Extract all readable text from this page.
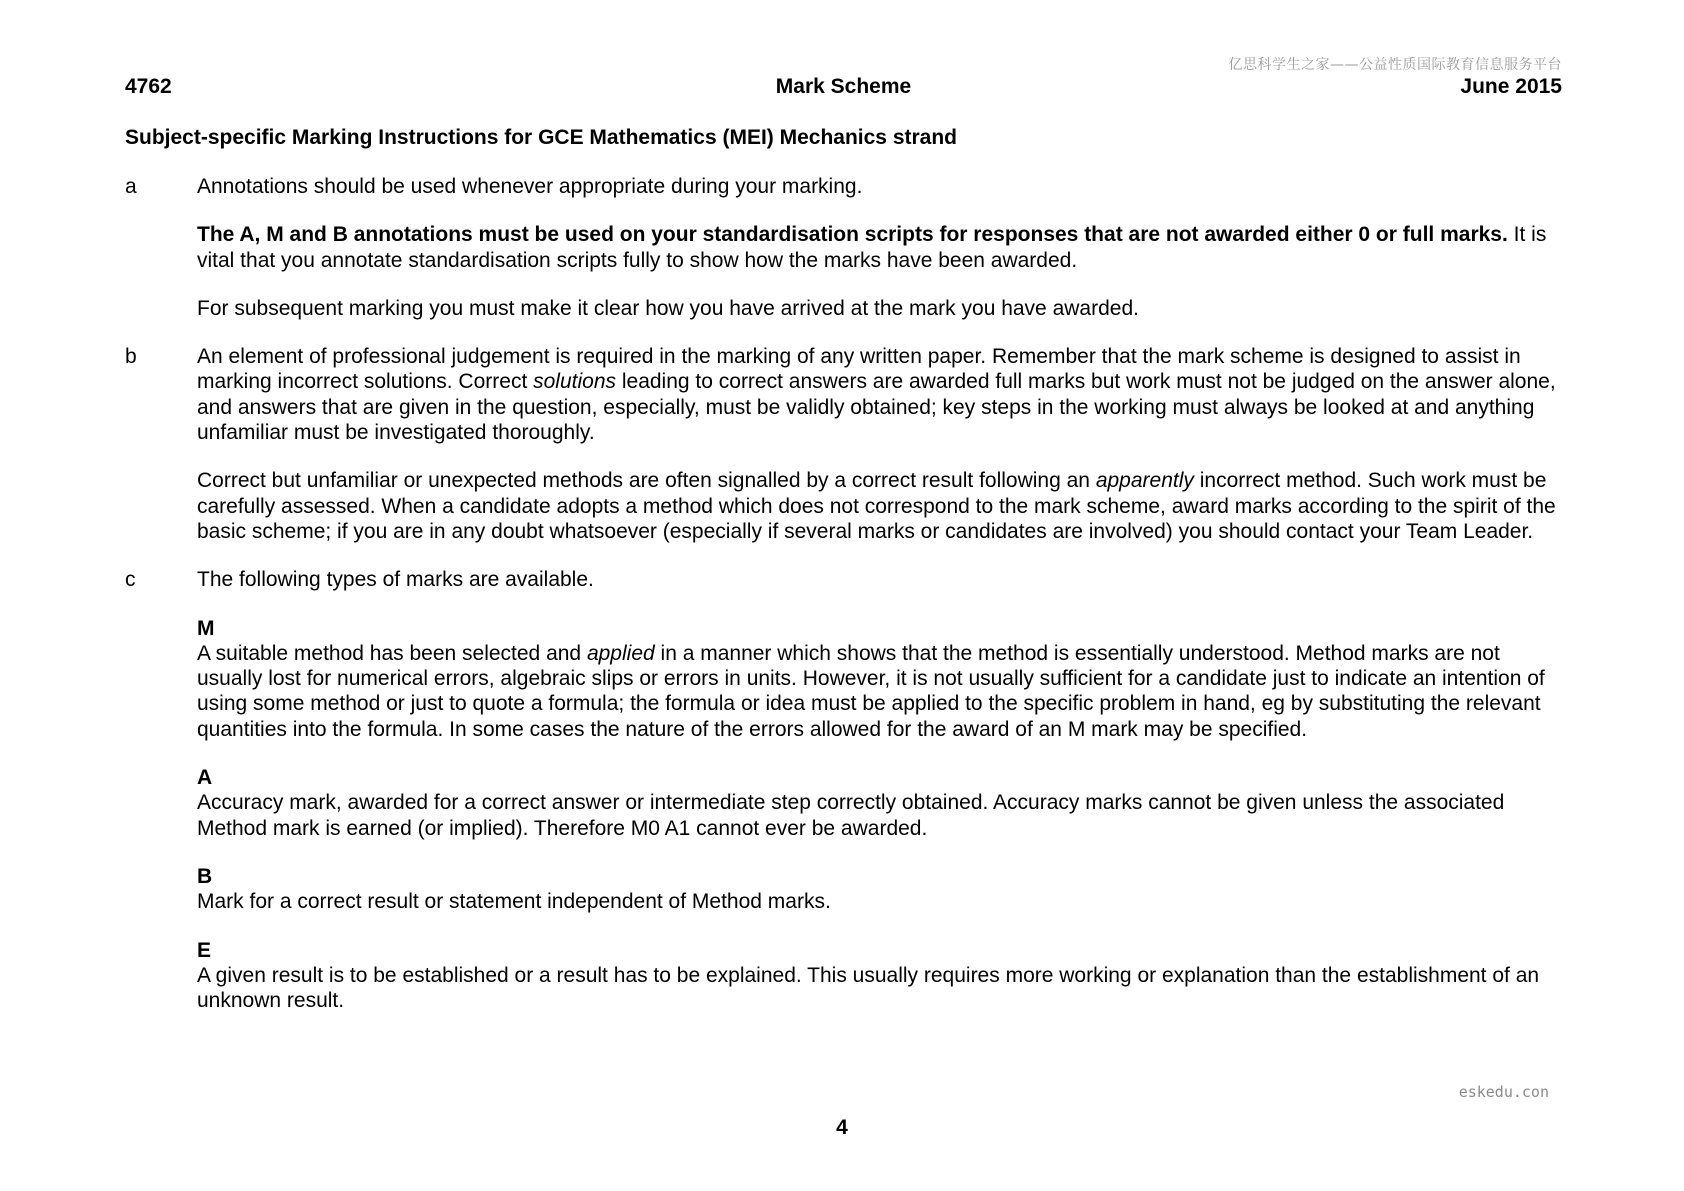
亿思科学生之家——公益性质国际教育信息服务平台
4762	Mark Scheme	June 2015
Subject-specific Marking Instructions for GCE Mathematics (MEI) Mechanics strand
a	Annotations should be used whenever appropriate during your marking.

The A, M and B annotations must be used on your standardisation scripts for responses that are not awarded either 0 or full marks. It is vital that you annotate standardisation scripts fully to show how the marks have been awarded.

For subsequent marking you must make it clear how you have arrived at the mark you have awarded.

b	An element of professional judgement is required in the marking of any written paper. Remember that the mark scheme is designed to assist in marking incorrect solutions. Correct solutions leading to correct answers are awarded full marks but work must not be judged on the answer alone, and answers that are given in the question, especially, must be validly obtained; key steps in the working must always be looked at and anything unfamiliar must be investigated thoroughly.

Correct but unfamiliar or unexpected methods are often signalled by a correct result following an apparently incorrect method. Such work must be carefully assessed. When a candidate adopts a method which does not correspond to the mark scheme, award marks according to the spirit of the basic scheme; if you are in any doubt whatsoever (especially if several marks or candidates are involved) you should contact your Team Leader.

c	The following types of marks are available.

M

A suitable method has been selected and applied in a manner which shows that the method is essentially understood. Method marks are not usually lost for numerical errors, algebraic slips or errors in units. However, it is not usually sufficient for a candidate just to indicate an intention of using some method or just to quote a formula; the formula or idea must be applied to the specific problem in hand, eg by substituting the relevant quantities into the formula. In some cases the nature of the errors allowed for the award of an M mark may be specified.

A

Accuracy mark, awarded for a correct answer or intermediate step correctly obtained. Accuracy marks cannot be given unless the associated Method mark is earned (or implied). Therefore M0 A1 cannot ever be awarded.

B

Mark for a correct result or statement independent of Method marks.

E

A given result is to be established or a result has to be explained. This usually requires more working or explanation than the establishment of an unknown result.

eskedu.con
4
